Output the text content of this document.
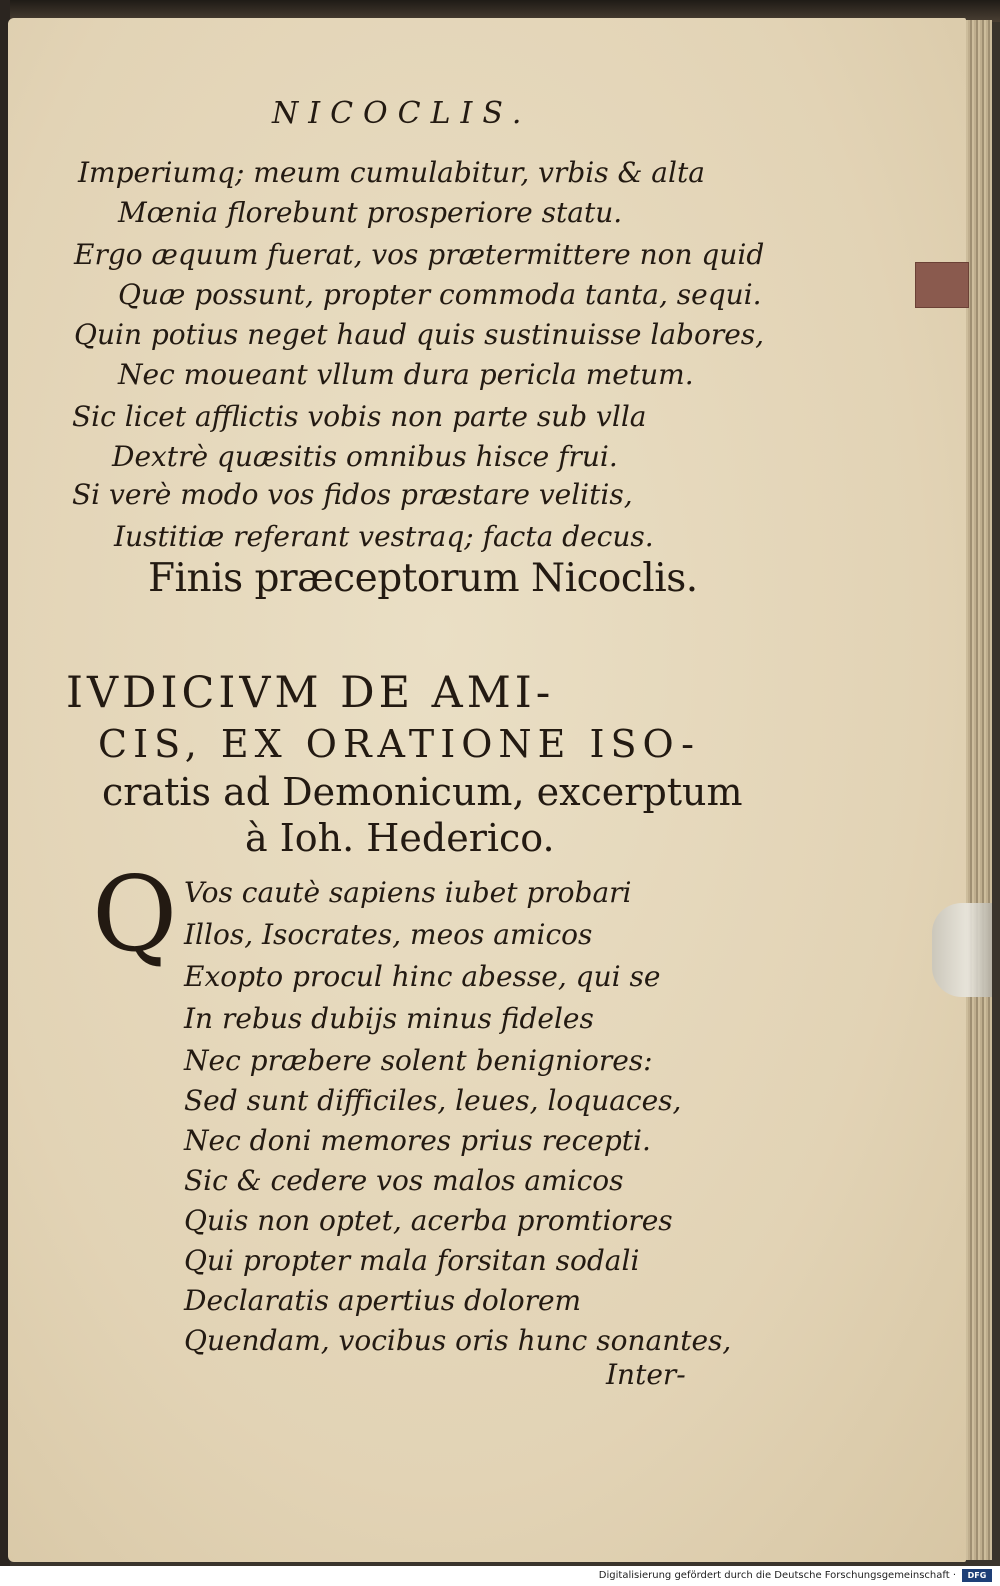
NICOCLIS.
Imperiumq; meum cumulabitur, vrbis & alta
Mœnia florebunt prosperiore statu.
Ergo æquum fuerat, vos prætermittere non quid
Quæ possunt, propter commoda tanta, sequi.
Quin potius neget haud quis sustinuisse labores,
Nec moueant vllum dura pericla metum.
Sic licet afflictis vobis non parte sub vlla
Dextrè quæsitis omnibus hisce frui.
Si verè modo vos fidos præstare velitis,
Iustitiæ referant vestraq; facta decus.
Finis præceptorum Nicoclis.
IVDICIVM DE AMI-
CIS, EX ORATIONE ISO-
cratis ad Demonicum, excerptum
à Ioh. Hederico.
Q Vos cautè sapiens iubet probari
Illos, Isocrates, meos amicos
Exopto procul hinc abesse, qui se
In rebus dubijs minus fideles
Nec præbere solent benigniores:
Sed sunt difficiles, leues, loquaces,
Nec doni memores prius recepti.
Sic & cedere vos malos amicos
Quis non optet, acerba promtiores
Qui propter mala forsitan sodali
Declaratis apertius dolorem
Quendam, vocibus oris hunc sonantes,
Inter-
Digitalisierung gefördert durch die Deutsche Forschungsgemeinschaft ·	DFG
